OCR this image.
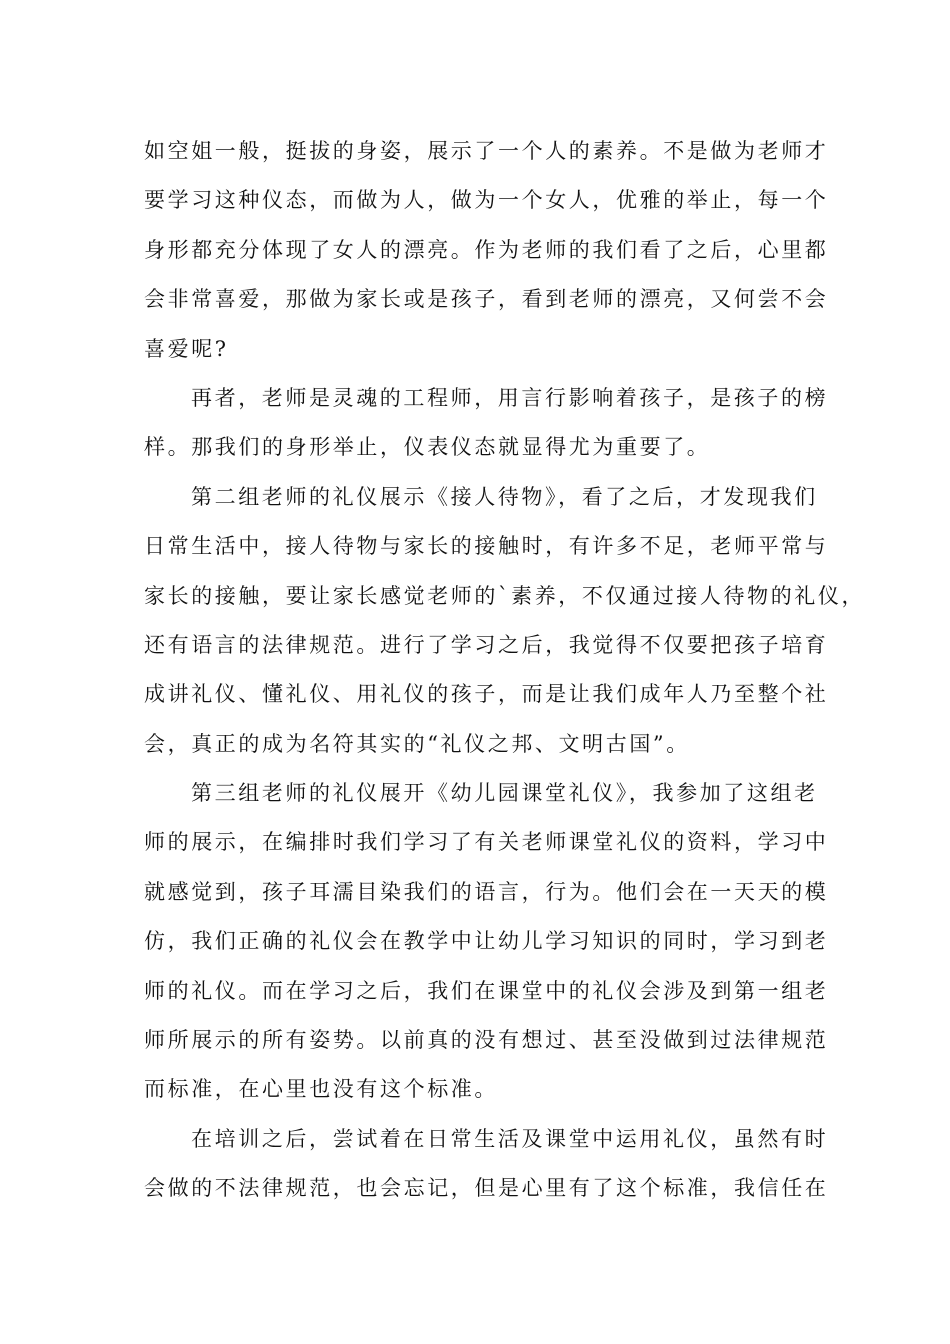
如空姐一般，挺拔的身姿，展示了一个人的素养。不是做为老师才
要学习这种仪态，而做为人，做为一个女人，优雅的举止，每一个
身形都充分体现了女人的漂亮。作为老师的我们看了之后，心里都
会非常喜爱，那做为家长或是孩子，看到老师的漂亮，又何尝不会
喜爱呢?
再者，老师是灵魂的工程师，用言行影响着孩子，是孩子的榜
样。那我们的身形举止，仪表仪态就显得尤为重要了。
第二组老师的礼仪展示《接人待物》，看了之后，才发现我们
日常生活中，接人待物与家长的接触时，有许多不足，老师平常与
家长的接触，要让家长感觉老师的`素养，不仅通过接人待物的礼仪，
还有语言的法律规范。进行了学习之后，我觉得不仅要把孩子培育
成讲礼仪、懂礼仪、用礼仪的孩子，而是让我们成年人乃至整个社
会，真正的成为名符其实的“礼仪之邦、文明古国”。
第三组老师的礼仪展开《幼儿园课堂礼仪》，我参加了这组老
师的展示，在编排时我们学习了有关老师课堂礼仪的资料，学习中
就感觉到，孩子耳濡目染我们的语言，行为。他们会在一天天的模
仿，我们正确的礼仪会在教学中让幼儿学习知识的同时，学习到老
师的礼仪。而在学习之后，我们在课堂中的礼仪会涉及到第一组老
师所展示的所有姿势。以前真的没有想过、甚至没做到过法律规范
而标准，在心里也没有这个标准。
在培训之后，尝试着在日常生活及课堂中运用礼仪，虽然有时
会做的不法律规范，也会忘记，但是心里有了这个标准，我信任在
